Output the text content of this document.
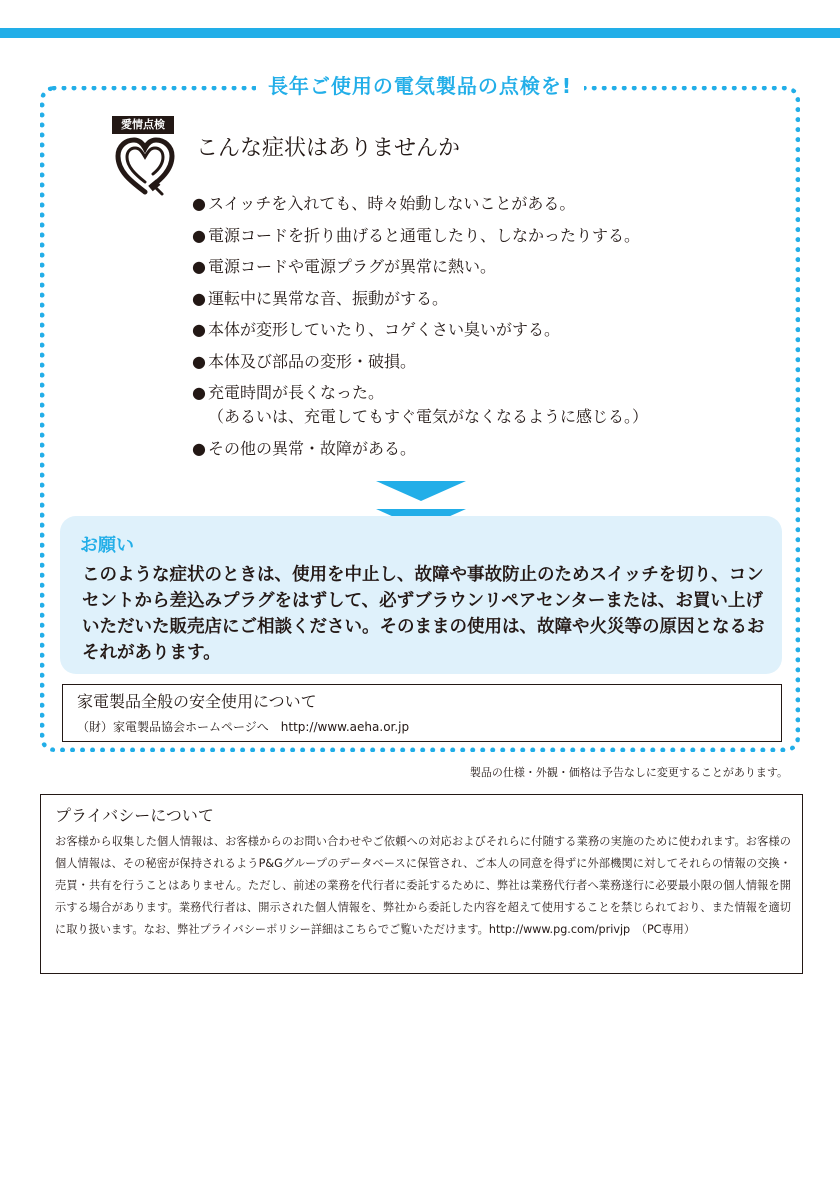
長年ご使用の電気製品の点検を!
愛情点検
こんな症状はありませんか
● スイッチを入れても、時々始動しないことがある。
● 電源コードを折り曲げると通電したり、しなかったりする。
● 電源コードや電源プラグが異常に熱い。
● 運転中に異常な音、振動がする。
● 本体が変形していたり、コゲくさい臭いがする。
● 本体及び部品の変形・破損。
● 充電時間が長くなった。
（あるいは、充電してもすぐ電気がなくなるように感じる。）
● その他の異常・故障がある。
お願い

このような症状のときは、使用を中止し、故障や事故防止のためスイッチを切り、コンセントから差込みプラグをはずして、必ずブラウンリペアセンターまたは、お買い上げいただいた販売店にご相談ください。そのままの使用は、故障や火災等の原因となるおそれがあります。

家電製品全般の安全使用について
（財）家電製品協会ホームページへ　http://www.aeha.or.jp
製品の仕様・外観・価格は予告なしに変更することがあります。
プライバシーについて

お客様から収集した個人情報は、お客様からのお問い合わせやご依頼への対応およびそれらに付随する業務の実施のために使われます。お客様の個人情報は、その秘密が保持されるようP&Gグループのデータベースに保管され、ご本人の同意を得ずに外部機関に対してそれらの情報の交換・売買・共有を行うことはありません。ただし、前述の業務を代行者に委託するために、弊社は業務代行者へ業務遂行に必要最小限の個人情報を開示する場合があります。業務代行者は、開示された個人情報を、弊社から委託した内容を超えて使用することを禁じられており、また情報を適切に取り扱います。なお、弊社プライバシーポリシー詳細はこちらでご覧いただけます。http://www.pg.com/privjp　（PC専用）
